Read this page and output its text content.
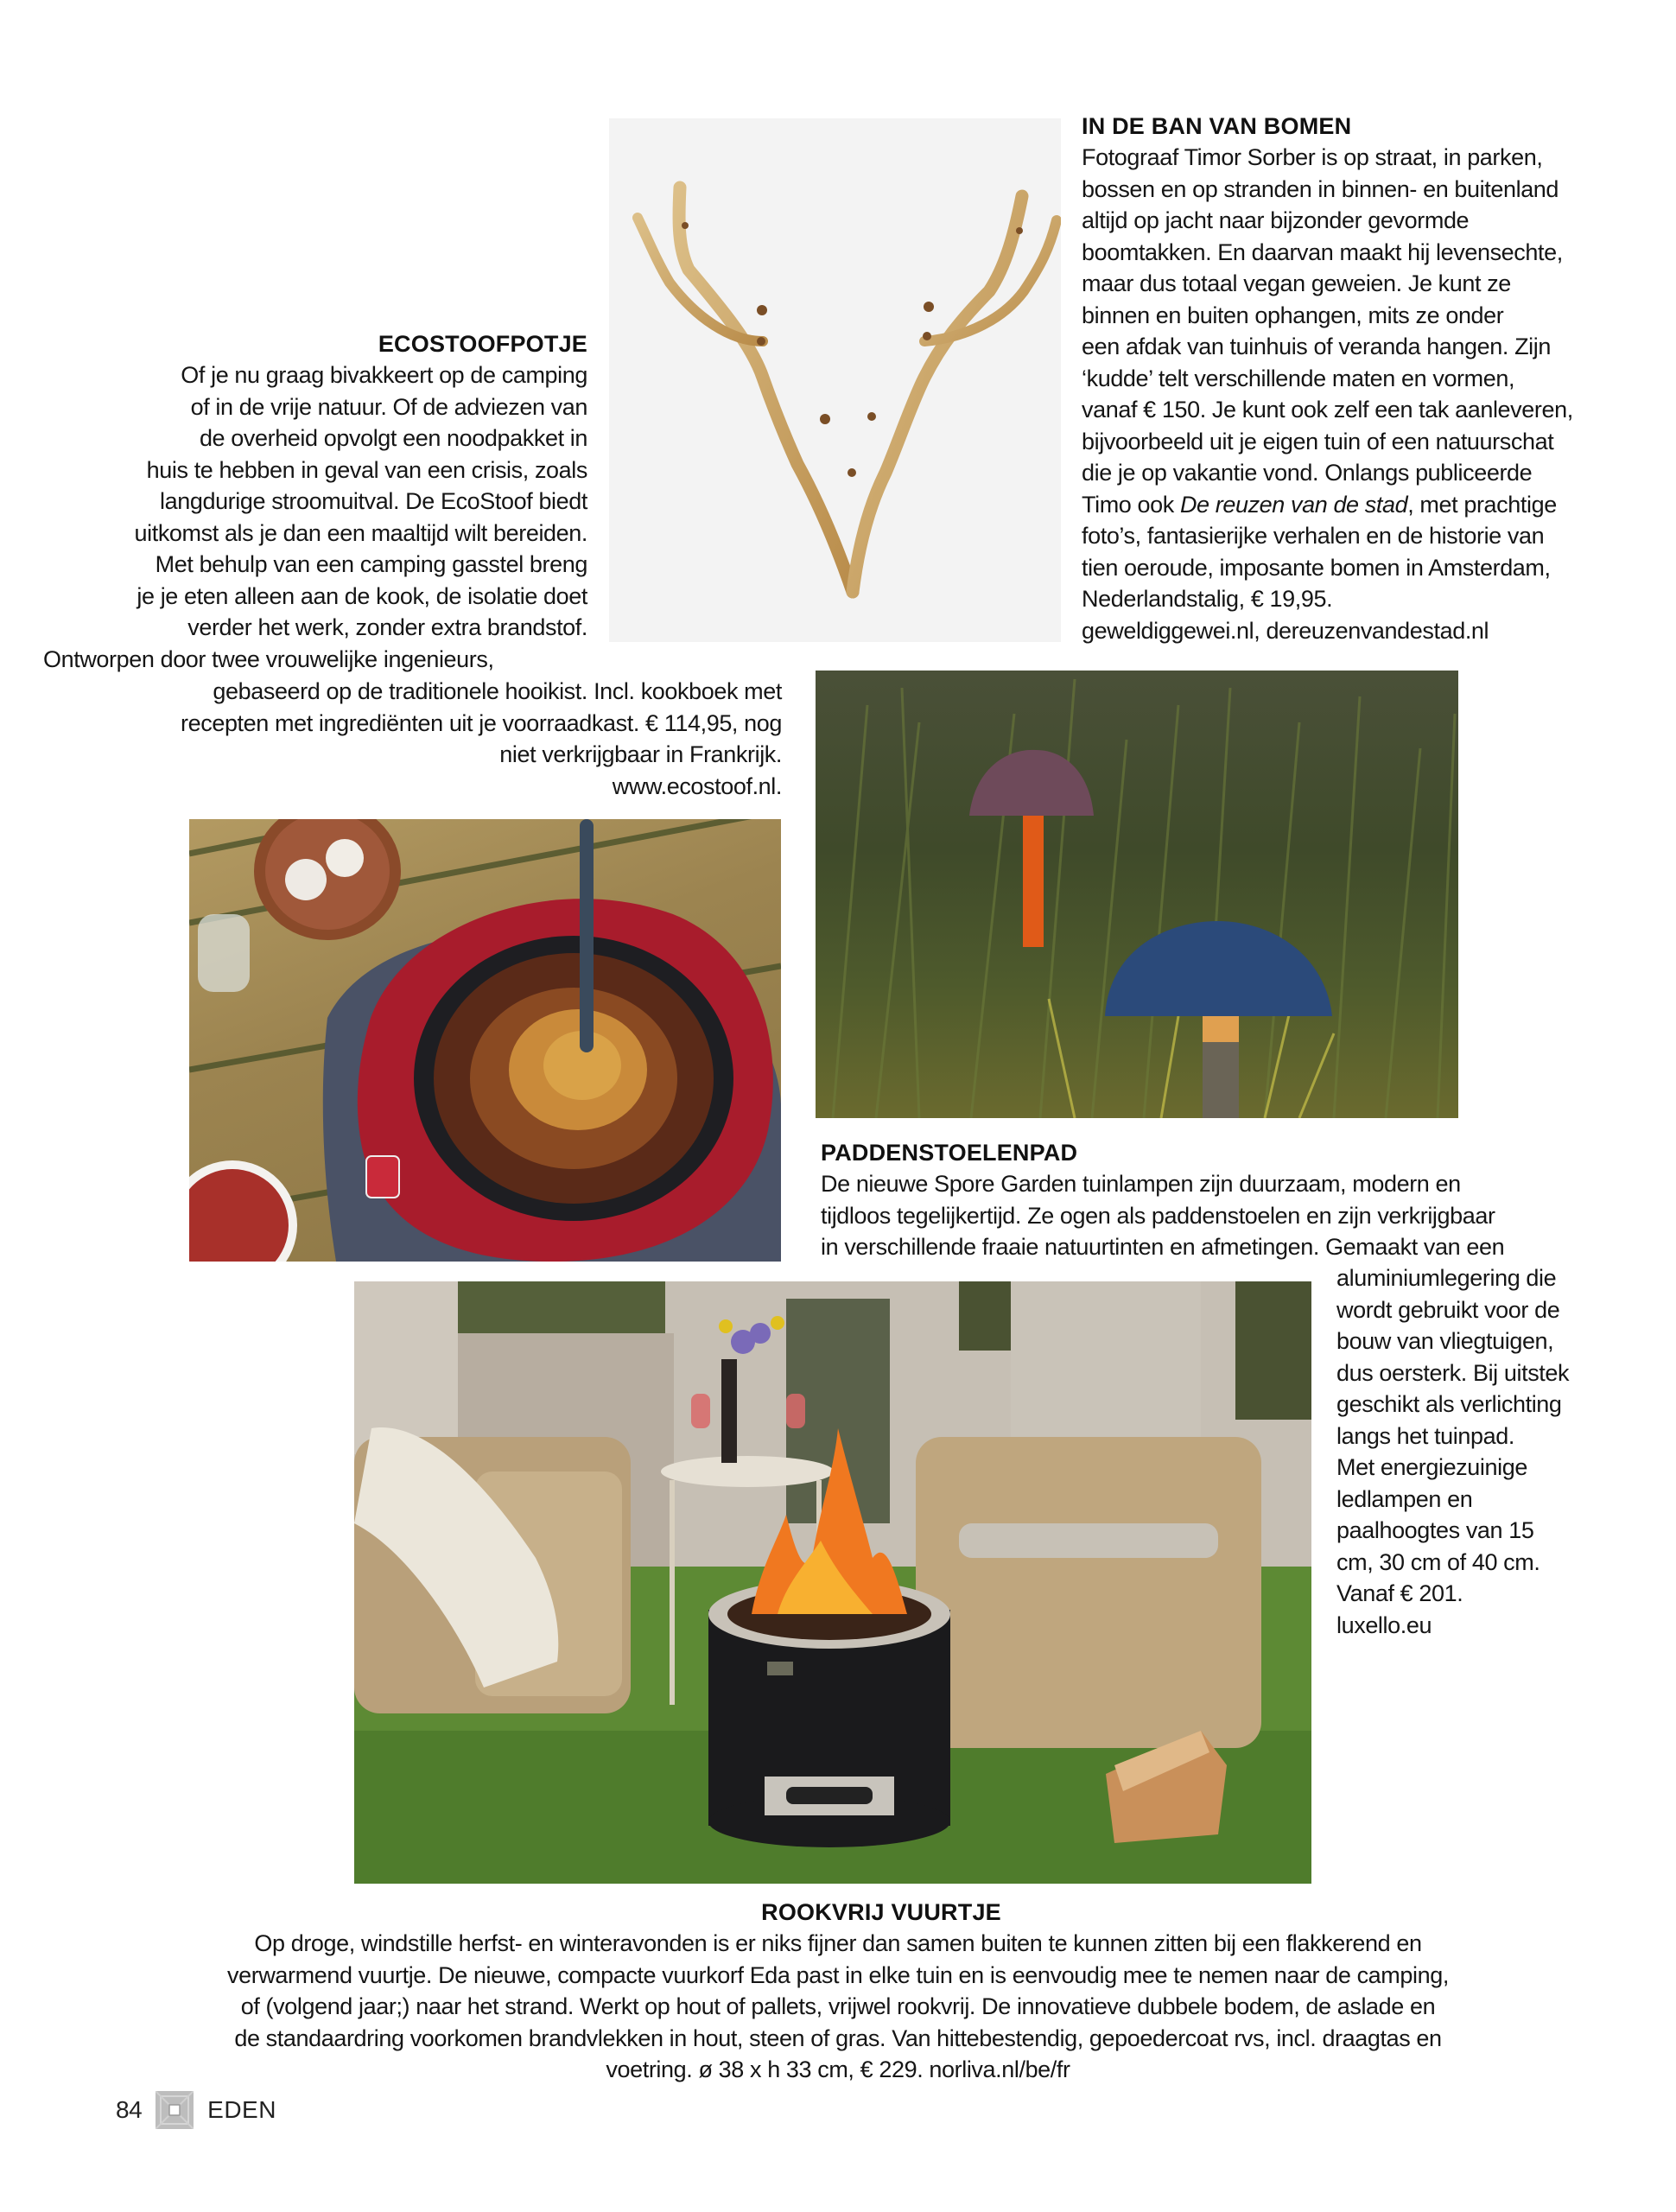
IN DE BAN VAN BOMEN
Fotograaf Timor Sorber is op straat, in parken,
bossen en op stranden in binnen- en buitenland
altijd op jacht naar bijzonder gevormde
boomtakken. En daarvan maakt hij levensechte,
maar dus totaal vegan geweien. Je kunt ze
binnen en buiten ophangen, mits ze onder
een afdak van tuinhuis of veranda hangen. Zijn
‘kudde’ telt verschillende maten en vormen,
vanaf € 150. Je kunt ook zelf een tak aanleveren,
bijvoorbeeld uit je eigen tuin of een natuurschat
die je op vakantie vond. Onlangs publiceerde
Timo ook De reuzen van de stad, met prachtige
foto’s, fantasierijke verhalen en de historie van
tien oeroude, imposante bomen in Amsterdam,
Nederlandstalig, € 19,95.
geweldiggewei.nl, dereuzenvandestad.nl
ECOSTOOFPOTJE
Of je nu graag bivakkeert op de camping
of in de vrije natuur. Of de adviezen van
de overheid opvolgt een noodpakket in
huis te hebben in geval van een crisis, zoals
langdurige stroomuitval. De EcoStoof biedt
uitkomst als je dan een maaltijd wilt bereiden.
Met behulp van een camping gasstel breng
je je eten alleen aan de kook, de isolatie doet
verder het werk, zonder extra brandstof.
Ontworpen door twee vrouwelijke ingenieurs,
gebaseerd op de traditionele hooikist. Incl. kookboek met
recepten met ingrediënten uit je voorraadkast. € 114,95, nog
niet verkrijgbaar in Frankrijk.
www.ecostoof.nl.
PADDENSTOELENPAD
De nieuwe Spore Garden tuinlampen zijn duurzaam, modern en
tijdloos tegelijkertijd. Ze ogen als paddenstoelen en zijn verkrijgbaar
in verschillende fraaie natuurtinten en afmetingen. Gemaakt van een
aluminiumlegering die
wordt gebruikt voor de
bouw van vliegtuigen,
dus oersterk. Bij uitstek
geschikt als verlichting
langs het tuinpad.
Met energiezuinige
ledlampen en
paalhoogtes van 15
cm, 30 cm of 40 cm.
Vanaf € 201.
luxello.eu
ROOKVRIJ VUURTJE
Op droge, windstille herfst- en winteravonden is er niks fijner dan samen buiten te kunnen zitten bij een flakkerend en
verwarmend vuurtje. De nieuwe, compacte vuurkorf Eda past in elke tuin en is eenvoudig mee te nemen naar de camping,
of (volgend jaar;) naar het strand. Werkt op hout of pallets, vrijwel rookvrij. De innovatieve dubbele bodem, de aslade en
de standaardring voorkomen brandvlekken in hout, steen of gras. Van hittebestendig, gepoedercoat rvs, incl. draagtas en
voetring. ø 38 x h 33 cm, € 229. norliva.nl/be/fr
84	EDEN
